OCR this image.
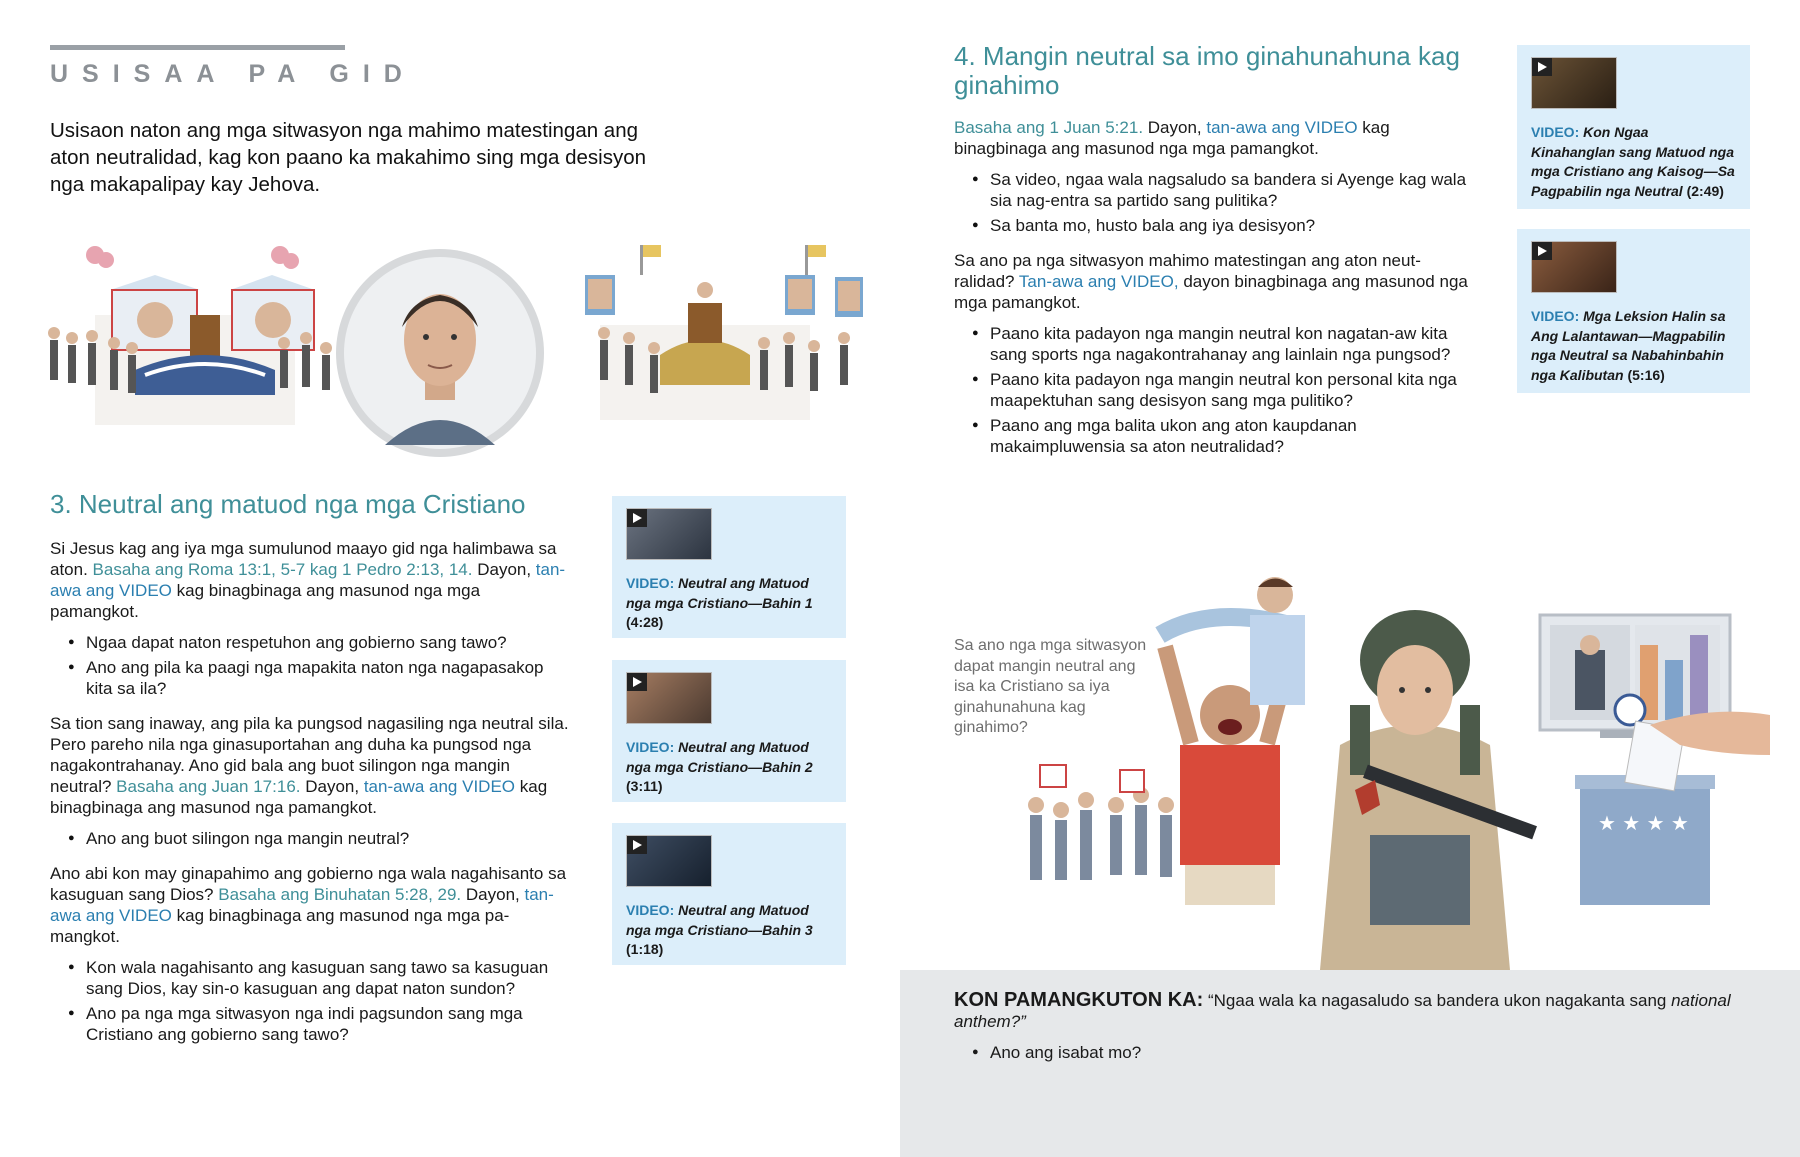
USISAA PA GID
Usisaon naton ang mga sitwasyon nga mahimo matestingan ang aton neutralidad, kag kon paano ka makahimo sing mga desisyon nga makapalipay kay Jehova.
3. Neutral ang matuod nga mga Cristiano

Si Jesus kag ang iya mga sumulunod maayo gid nga halimbawa sa aton. Basaha ang Roma 13:1, 5-7 kag 1 Pedro 2:13, 14. Dayon, tan-awa ang VIDEO kag binagbinaga ang masunod nga mga pamangkot.

● Ngaa dapat naton respetuhon ang gobierno sang tawo?
● Ano ang pila ka paagi nga mapakita naton nga nagapasakop kita sa ila?

Sa tion sang inaway, ang pila ka pungsod nagasiling nga neutral sila. Pero pareho nila nga ginasuportahan ang duha ka pungsod nga nagakontrahanay. Ano gid bala ang buot silingon nga mangin neutral? Basaha ang Juan 17:16. Dayon, tan-awa ang VIDEO kag binagbinaga ang masunod nga pamangkot.

● Ano ang buot silingon nga mangin neutral?

Ano abi kon may ginapahimo ang gobierno nga wala nagahisanto sa kasuguan sang Dios? Basaha ang Binuhatan 5:28, 29. Dayon, tan-awa ang VIDEO kag binagbinaga ang masunod nga mga pa-mangkot.

● Kon wala nagahisanto ang kasuguan sang tawo sa kasuguan sang Dios, kay sin-o kasuguan ang dapat naton sundon?
● Ano pa nga mga sitwasyon nga indi pagsundon sang mga Cristiano ang gobierno sang tawo?
VIDEO: Neutral ang Matuod nga mga Cristiano—Bahin 1 (4:28)
VIDEO: Neutral ang Matuod nga mga Cristiano—Bahin 2 (3:11)
VIDEO: Neutral ang Matuod nga mga Cristiano—Bahin 3 (1:18)
4. Mangin neutral sa imo ginahunahuna kag ginahimo

Basaha ang 1 Juan 5:21. Dayon, tan-awa ang VIDEO kag binagbinaga ang masunod nga mga pamangkot.

● Sa video, ngaa wala nagsaludo sa bandera si Ayenge kag wala sia nag-entra sa partido sang pulitika?
● Sa banta mo, husto bala ang iya desisyon?

Sa ano pa nga sitwasyon mahimo matestingan ang aton neut-ralidad? Tan-awa ang VIDEO, dayon binagbinaga ang masunod nga mga pamangkot.

● Paano kita padayon nga mangin neutral kon nagatan-aw kita sang sports nga nagakontrahanay ang lainlain nga pungsod?
● Paano kita padayon nga mangin neutral kon personal kita nga maapektuhan sang desisyon sang mga pulitiko?
● Paano ang mga balita ukon ang aton kaupdanan makaimpluwensia sa aton neutralidad?
VIDEO: Kon Ngaa Kinahanglan sang Matuod nga mga Cristiano ang Kaisog—Sa Pagpabilin nga Neutral (2:49)
VIDEO: Mga Leksion Halin sa Ang Lalantawan—Magpabilin nga Neutral sa Nabahinbahin nga Kalibutan (5:16)
Sa ano nga mga sitwasyon dapat mangin neutral ang isa ka Cristiano sa iya ginahunahuna kag ginahimo?
★ ★ ★ ★
KON PAMANGKUTON KA: “Ngaa wala ka nagasaludo sa bandera ukon nagakanta sang national anthem?”
● Ano ang isabat mo?
